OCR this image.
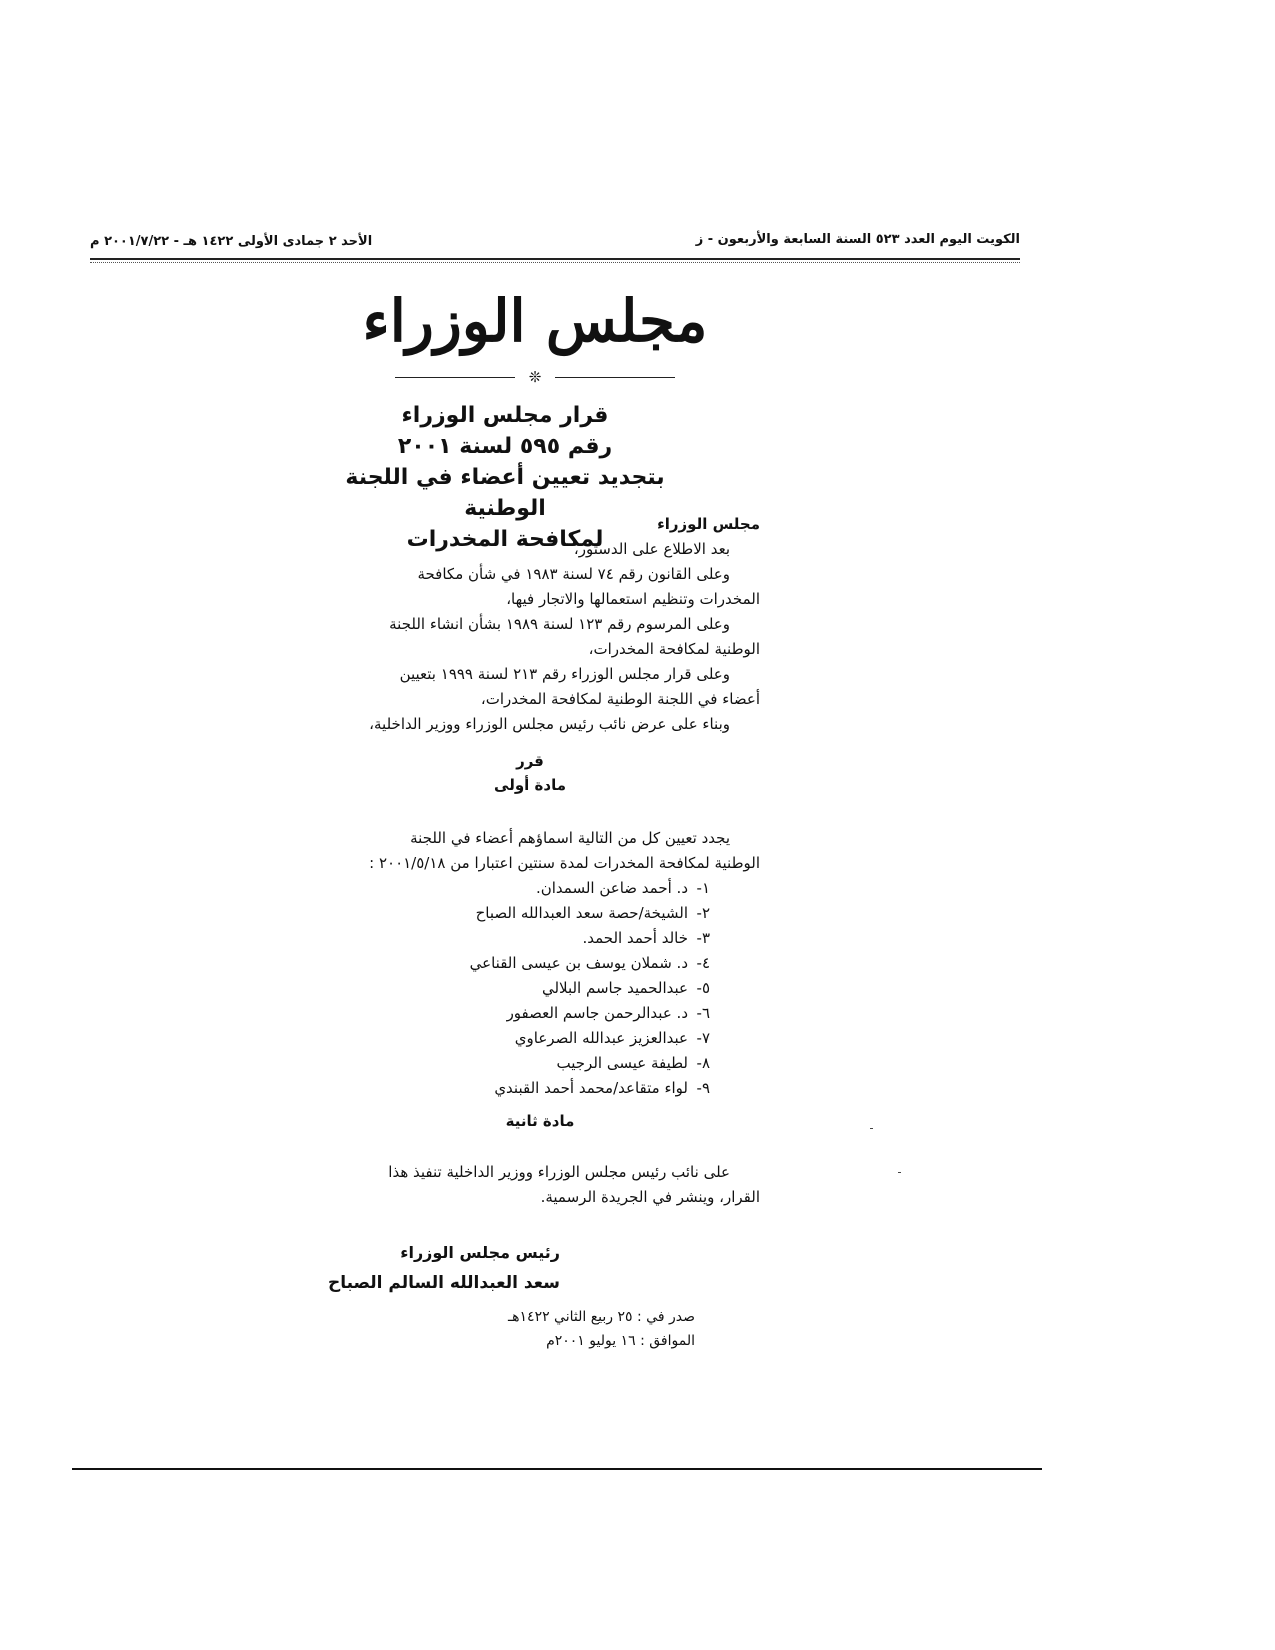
الأحد ٢ جمادى الأولى ١٤٢٢ هـ - ٢٠٠١/٧/٢٢ م	الكويت اليوم العدد ٥٢٣ السنة السابعة والأربعون - ز
مجلس الوزراء
❊
قرار مجلس الوزراء
رقم ٥٩٥ لسنة ٢٠٠١
بتجديد تعيين أعضاء في اللجنة الوطنية
لمكافحة المخدرات

مجلس الوزراء

بعد الاطلاع على الدستور،

وعلى القانون رقم ٧٤ لسنة ١٩٨٣ في شأن مكافحة

المخدرات وتنظيم استعمالها والاتجار فيها،

وعلى المرسوم رقم ١٢٣ لسنة ١٩٨٩ بشأن انشاء اللجنة

الوطنية لمكافحة المخدرات،

وعلى قرار مجلس الوزراء رقم ٢١٣ لسنة ١٩٩٩ بتعيين

أعضاء في اللجنة الوطنية لمكافحة المخدرات،

وبناء على عرض نائب رئيس مجلس الوزراء ووزير الداخلية،

قرر
مادة أولى

يجدد تعيين كل من التالية اسماؤهم أعضاء في اللجنة

الوطنية لمكافحة المخدرات لمدة سنتين اعتبارا من ٢٠٠١/٥/١٨ :

١-د. أحمد ضاعن السمدان.
٢-الشيخة/حصة سعد العبدالله الصباح
٣-خالد أحمد الحمد.
٤-د. شملان يوسف بن عيسى القناعي
٥-عبدالحميد جاسم البلالي
٦-د. عبدالرحمن جاسم العصفور
٧-عبدالعزيز عبدالله الصرعاوي
٨-لطيفة عيسى الرجيب
٩-لواء متقاعد/محمد أحمد القبندي
مادة ثانية

على نائب رئيس مجلس الوزراء ووزير الداخلية تنفيذ هذا

القرار، وينشر في الجريدة الرسمية.

رئيس مجلس الوزراء
سعد العبدالله السالم الصباح
صدر في : ٢٥ ربيع الثاني ١٤٢٢هـ
الموافق : ١٦ يوليو ٢٠٠١م
